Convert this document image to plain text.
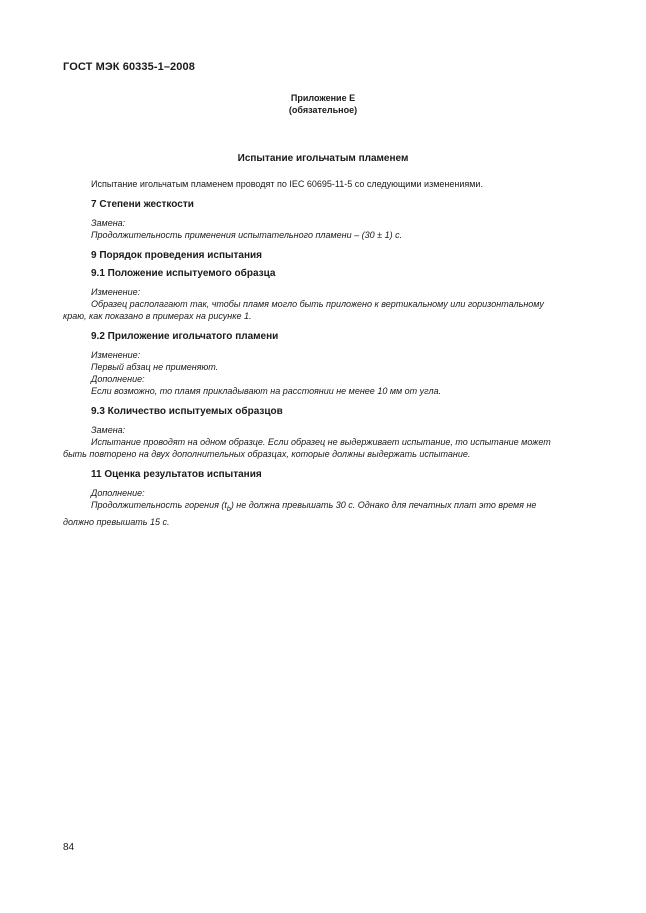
ГОСТ МЭК 60335-1–2008
Приложение E
(обязательное)
Испытание игольчатым пламенем

Испытание игольчатым пламенем проводят по IEC 60695-11-5 со следующими изменениями.

7 Степени жесткости

Замена:

Продолжительность применения испытательного пламени – (30 ± 1) с.

9 Порядок проведения испытания
9.1 Положение испытуемого образца

Изменение:

Образец располагают так, чтобы пламя могло быть приложено к вертикальному или горизонтальному

краю, как показано в примерах на рисунке 1.

9.2 Приложение игольчатого пламени

Изменение:

Первый абзац не применяют.

Дополнение:

Если возможно, то пламя прикладывают на расстоянии не менее 10 мм от угла.

9.3 Количество испытуемых образцов

Замена:

Испытание проводят на одном образце. Если образец не выдерживает испытание, то испытание может

быть повторено на двух дополнительных образцах, которые должны выдержать испытание.

11 Оценка результатов испытания

Дополнение:

Продолжительность горения $(t_b)$ не должна превышать 30 с. Однако для печатных плат это время не

должно превышать 15 с.

84
